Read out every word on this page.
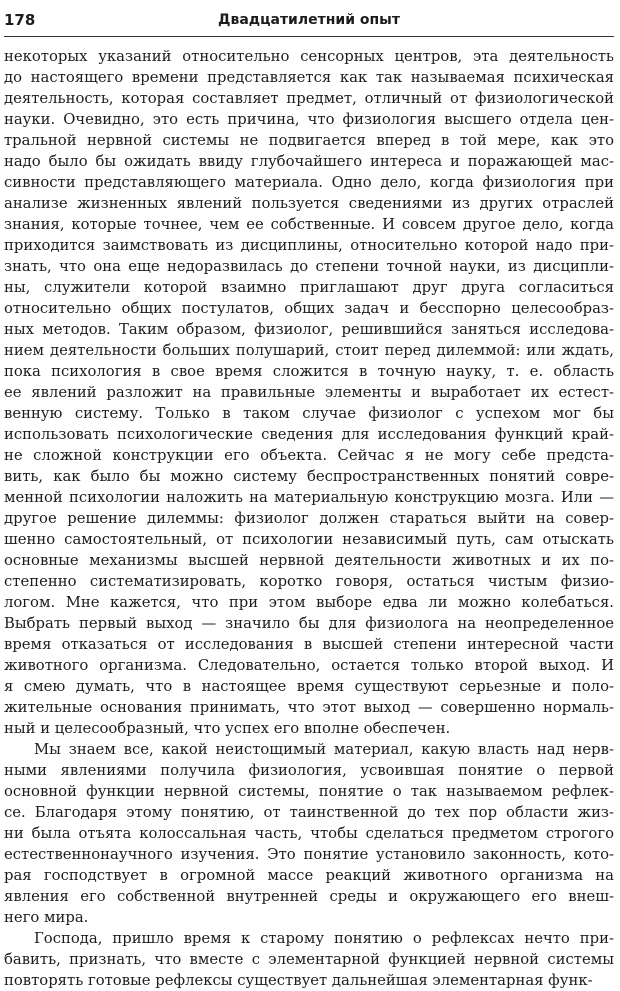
178	Двадцатилетний опыт
некоторых указаний относительно сенсорных центров, эта деятельность
до настоящего времени представляется как так называемая психическая
деятельность, которая составляет предмет, отличный от физиологической
науки. Очевидно, это есть причина, что физиология высшего отдела цен-
тральной нервной системы не подвигается вперед в той мере, как это
надо было бы ожидать ввиду глубочайшего интереса и поражающей мас-
сивности представляющего материала. Одно дело, когда физиология при
анализе жизненных явлений пользуется сведениями из других отраслей
знания, которые точнее, чем ее собственные. И совсем другое дело, когда
приходится заимствовать из дисциплины, относительно которой надо при-
знать, что она еще недоразвилась до степени точной науки, из дисципли-
ны, служители которой взаимно приглашают друг друга согласиться
относительно общих постулатов, общих задач и бесспорно целесообраз-
ных методов. Таким образом, физиолог, решившийся заняться исследова-
нием деятельности больших полушарий, стоит перед дилеммой: или ждать,
пока психология в свое время сложится в точную науку, т. е. область
ее явлений разложит на правильные элементы и выработает их естест-
венную систему. Только в таком случае физиолог с успехом мог бы
использовать психологические сведения для исследования функций край-
не сложной конструкции его объекта. Сейчас я не могу себе предста-
вить, как было бы можно систему беспространственных понятий совре-
менной психологии наложить на материальную конструкцию мозга. Или —
другое решение дилеммы: физиолог должен стараться выйти на совер-
шенно самостоятельный, от психологии независимый путь, сам отыскать
основные механизмы высшей нервной деятельности животных и их по-
степенно систематизировать, коротко говоря, остаться чистым физио-
логом. Мне кажется, что при этом выборе едва ли можно колебаться.
Выбрать первый выход — значило бы для физиолога на неопределенное
время отказаться от исследования в высшей степени интересной части
животного организма. Следовательно, остается только второй выход. И
я смею думать, что в настоящее время существуют серьезные и поло-
жительные основания принимать, что этот выход — совершенно нормаль-
ный и целесообразный, что успех его вполне обеспечен.
Мы знаем все, какой неистощимый материал, какую власть над нерв-
ными явлениями получила физиология, усвоившая понятие о первой
основной функции нервной системы, понятие о так называемом рефлек-
се. Благодаря этому понятию, от таинственной до тех пор области жиз-
ни была отъята колоссальная часть, чтобы сделаться предметом строгого
естественнонаучного изучения. Это понятие установило законность, кото-
рая господствует в огромной массе реакций животного организма на
явления его собственной внутренней среды и окружающего его внеш-
него мира.
Господа, пришло время к старому понятию о рефлексах нечто при-
бавить, признать, что вместе с элементарной функцией нервной системы
повторять готовые рефлексы существует дальнейшая элементарная функ-
